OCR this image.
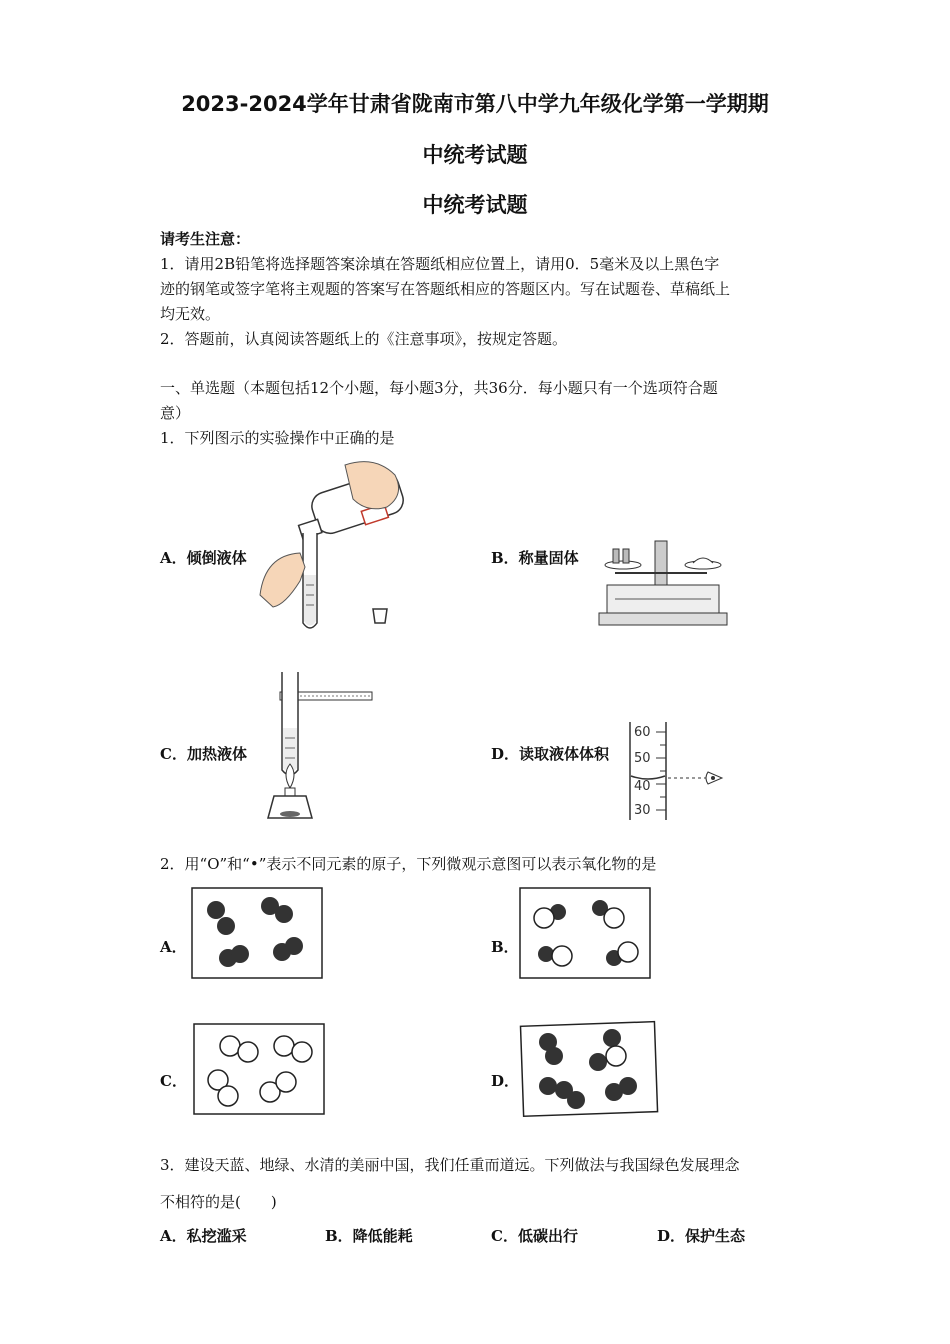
2023-2024学年甘肃省陇南市第八中学九年级化学第一学期期
中统考试题
中统考试题
请考生注意：
1．请用2B铅笔将选择题答案涂填在答题纸相应位置上，请用0．5毫米及以上黑色字
迹的钢笔或签字笔将主观题的答案写在答题纸相应的答题区内。写在试题卷、草稿纸上
均无效。
2．答题前，认真阅读答题纸上的《注意事项》，按规定答题。
一、单选题（本题包括12个小题，每小题3分，共36分．每小题只有一个选项符合题
意）
1．下列图示的实验操作中正确的是
A．倾倒液体	B．称量固体
C．加热液体	D．读取液体体积
60
50
40
30
2．用“O”和“•”表示不同元素的原子，下列微观示意图可以表示氧化物的是
A．	B．
C．	D．
3．建设天蓝、地绿、水清的美丽中国，我们任重而道远。下列做法与我国绿色发展理念
不相符的是(　　)
A．私挖滥采	B．降低能耗	C．低碳出行	D．保护生态
